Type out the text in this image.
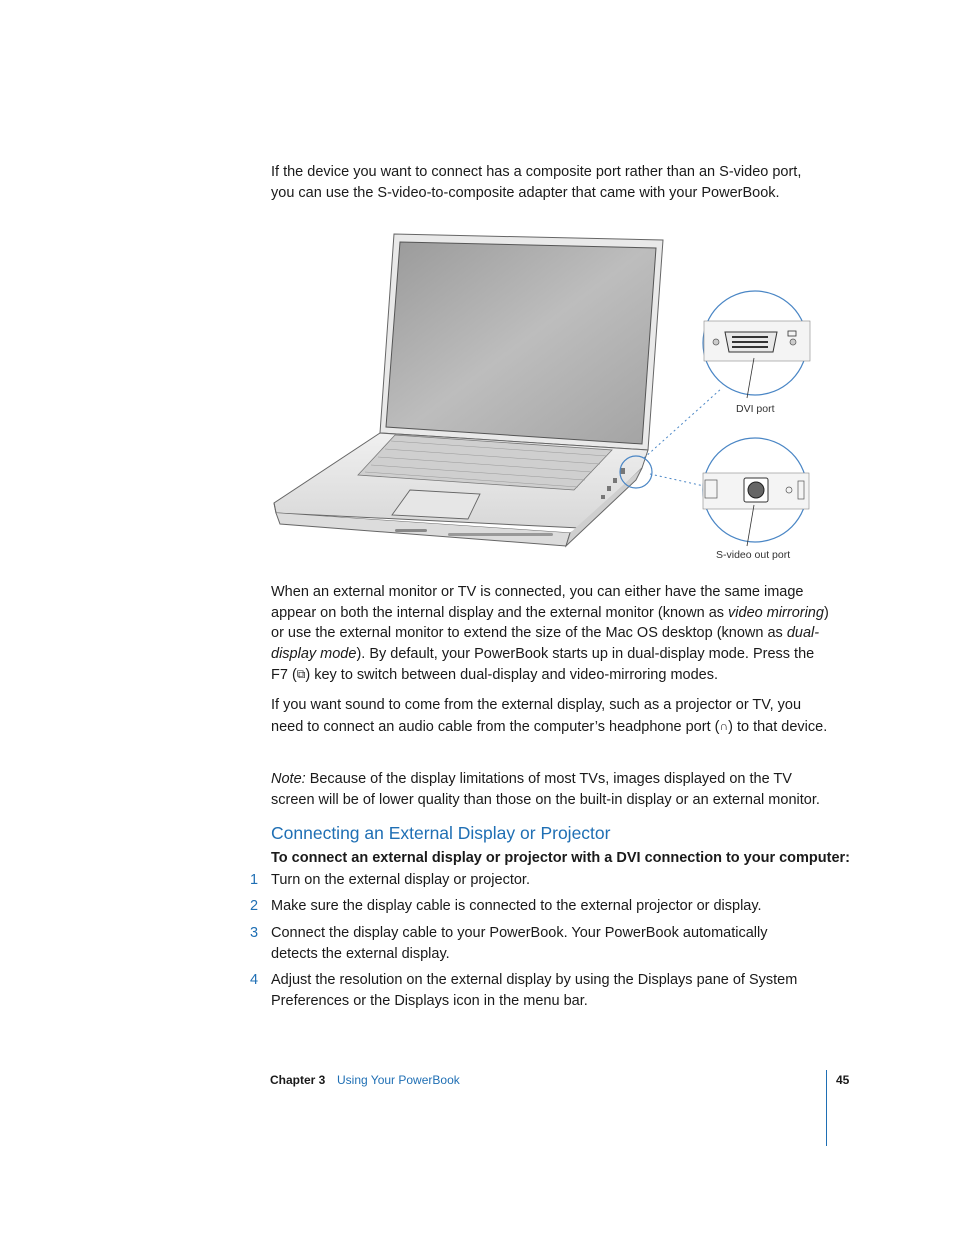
If the device you want to connect has a composite port rather than an S-video port,
you can use the S-video-to-composite adapter that came with your PowerBook.

DVI port
S-video out port

When an external monitor or TV is connected, you can either have the same image appear on both the internal display and the external monitor (known as video mirroring) or use the external monitor to extend the size of the Mac OS desktop (known as dual-display mode). By default, your PowerBook starts up in dual-display mode. Press the F7 (⧉) key to switch between dual-display and video-mirroring modes.

If you want sound to come from the external display, such as a projector or TV, you need to connect an audio cable from the computer’s headphone port (∩) to that device.

Note: Because of the display limitations of most TVs, images displayed on the TV screen will be of lower quality than those on the built-in display or an external monitor.

Connecting an External Display or Projector

To connect an external display or projector with a DVI connection to your computer:

1 Turn on the external display or projector.
2 Make sure the display cable is connected to the external projector or display.
3 Connect the display cable to your PowerBook. Your PowerBook automatically detects the external display.
4 Adjust the resolution on the external display by using the Displays pane of System Preferences or the Displays icon in the menu bar.
Chapter 3 Using Your PowerBook	45
